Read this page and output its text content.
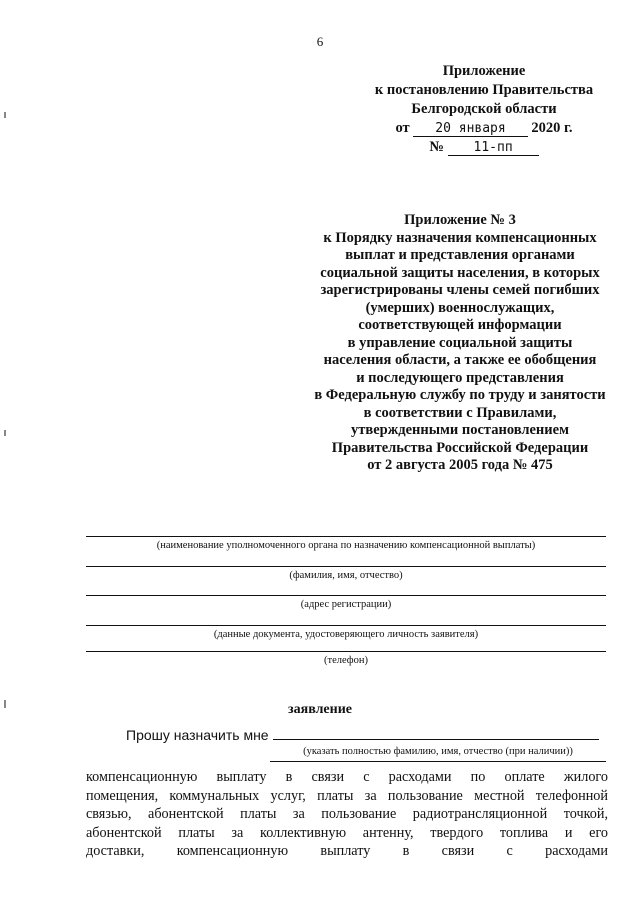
6
Приложение
к постановлению Правительства
Белгородской области
от 20 января 2020 г.
№ 11-пп
Приложение № 3
к Порядку назначения компенсационных
выплат и представления органами
социальной защиты населения, в которых
зарегистрированы члены семей погибших
(умерших) военнослужащих,
соответствующей информации
в управление социальной защиты
населения области, а также ее обобщения
и последующего представления
в Федеральную службу по труду и занятости
в соответствии с Правилами,
утвержденными постановлением
Правительства Российской Федерации
от 2 августа 2005 года № 475
(наименование уполномоченного органа по назначению компенсационной выплаты)
(фамилия, имя, отчество)
(адрес регистрации)
(данные документа, удостоверяющего личность заявителя)
(телефон)
заявление
Прошу назначить мне
(указать полностью фамилию, имя, отчество (при наличии))
компенсационную выплату в связи с расходами по оплате жилого
помещения, коммунальных услуг, платы за пользование местной телефонной
связью, абонентской платы за пользование радиотрансляционной точкой,
абонентской платы за коллективную антенну, твердого топлива и его
доставки, компенсационную выплату в связи с расходами
